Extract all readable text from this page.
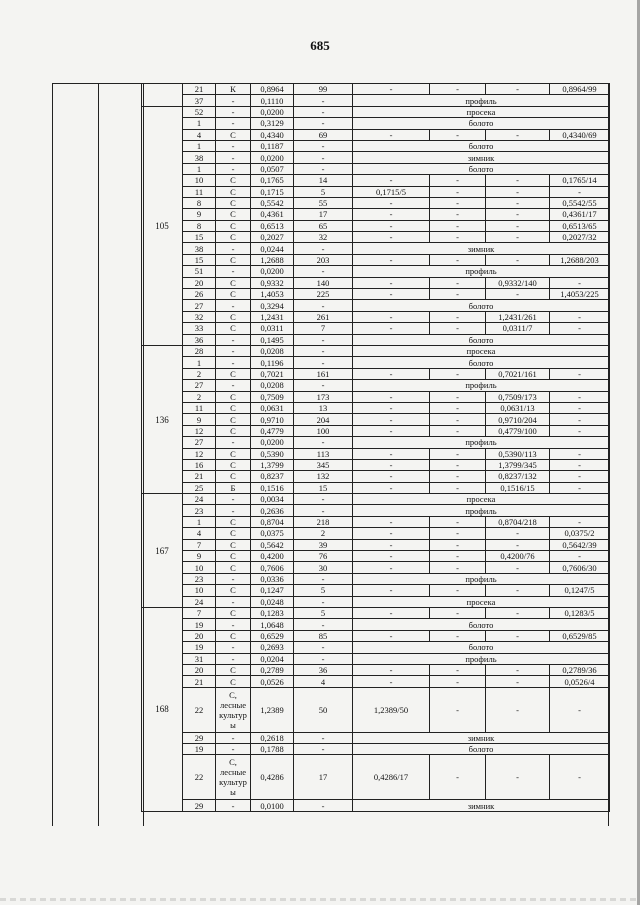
685
	21	К	0,8964	99	-	-	-	0,8964/99
	37	-	0,1110	-	профиль			
105	52	-	0,0200	-	просека			
	1	-	0,3129	-	болото			
	4	С	0,4340	69	-	-	-	0,4340/69
	1	-	0,1187	-	болото			
	38	-	0,0200	-	зимник			
	1	-	0,0507	-	болото			
	10	С	0,1765	14	-	-	-	0,1765/14
	11	С	0,1715	5	0,1715/5	-	-	-
	8	С	0,5542	55	-	-	-	0,5542/55
	9	С	0,4361	17	-	-	-	0,4361/17
	8	С	0,6513	65	-	-	-	0,6513/65
	15	С	0,2027	32	-	-	-	0,2027/32
	38	-	0,0244	-	зимник			
	15	С	1,2688	203	-	-	-	1,2688/203
	51	-	0,0200	-	профиль			
	20	С	0,9332	140	-	-	0,9332/140	-
	26	С	1,4053	225	-	-	-	1,4053/225
	27	-	0,3294	-	болото			
	32	С	1,2431	261	-	-	1,2431/261	-
	33	С	0,0311	7	-	-	0,0311/7	-
	36	-	0,1495	-	болото			
136	28	-	0,0208	-	просека			
	1	-	0,1196	-	болото			
	2	С	0,7021	161	-	-	0,7021/161	-
	27	-	0,0208	-	профиль			
	2	С	0,7509	173	-	-	0,7509/173	-
	11	С	0,0631	13	-	-	0,0631/13	-
	9	С	0,9710	204	-	-	0,9710/204	-
	12	С	0,4779	100	-	-	0,4779/100	-
	27	-	0,0200	-	профиль			
	12	С	0,5390	113	-	-	0,5390/113	-
	16	С	1,3799	345	-	-	1,3799/345	-
	21	С	0,8237	132	-	-	0,8237/132	-
	25	Б	0,1516	15	-	-	0,1516/15	-
167	24	-	0,0034	-	просека			
	23	-	0,2636	-	профиль			
	1	С	0,8704	218	-	-	0,8704/218	-
	4	С	0,0375	2	-	-	-	0,0375/2
	7	С	0,5642	39	-	-	-	0,5642/39
	9	С	0,4200	76	-	-	0,4200/76	-
	10	С	0,7606	30	-	-	-	0,7606/30
	23	-	0,0336	-	профиль			
	10	С	0,1247	5	-	-	-	0,1247/5
	24	-	0,0248	-	просека			
168	7	С	0,1283	5	-	-	-	0,1283/5
	19	-	1,0648	-	болото			
	20	С	0,6529	85	-	-	-	0,6529/85
	19	-	0,2693	-	болото			
	31	-	0,0204	-	профиль			
	20	С	0,2789	36	-	-	-	0,2789/36
	21	С	0,0526	4	-	-	-	0,0526/4
	22	С, лесные культур ы	1,2389	50	1,2389/50	-	-	-
	29	-	0,2618	-	зимник			
	19	-	0,1788	-	болото			
	22	С, лесные культур ы	0,4286	17	0,4286/17	-	-	-
	29	-	0,0100	-	зимник			
